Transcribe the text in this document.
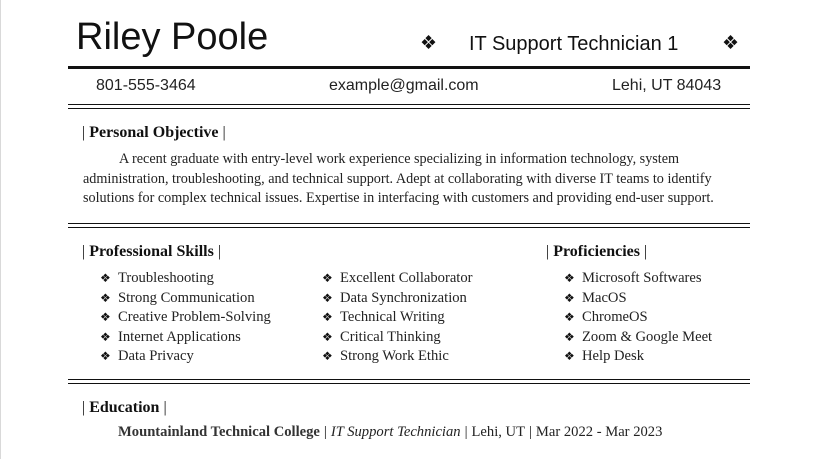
Riley Poole	❖ IT Support Technician 1 ❖
801-555-3464	example@gmail.com	Lehi, UT 84043
| Personal Objective |
A recent graduate with entry-level work experience specializing in information technology, system administration, troubleshooting, and technical support. Adept at collaborating with diverse IT teams to identify solutions for complex technical issues. Expertise in interfacing with customers and providing end-user support.
| Professional Skills |	| Proficiencies |
❖ Troubleshooting
❖ Strong Communication
❖ Creative Problem-Solving
❖ Internet Applications
❖ Data Privacy
❖ Excellent Collaborator
❖ Data Synchronization
❖ Technical Writing
❖ Critical Thinking
❖ Strong Work Ethic
❖ Microsoft Softwares
❖ MacOS
❖ ChromeOS
❖ Zoom & Google Meet
❖ Help Desk
| Education |
Mountainland Technical College | IT Support Technician | Lehi, UT | Mar 2022 - Mar 2023
